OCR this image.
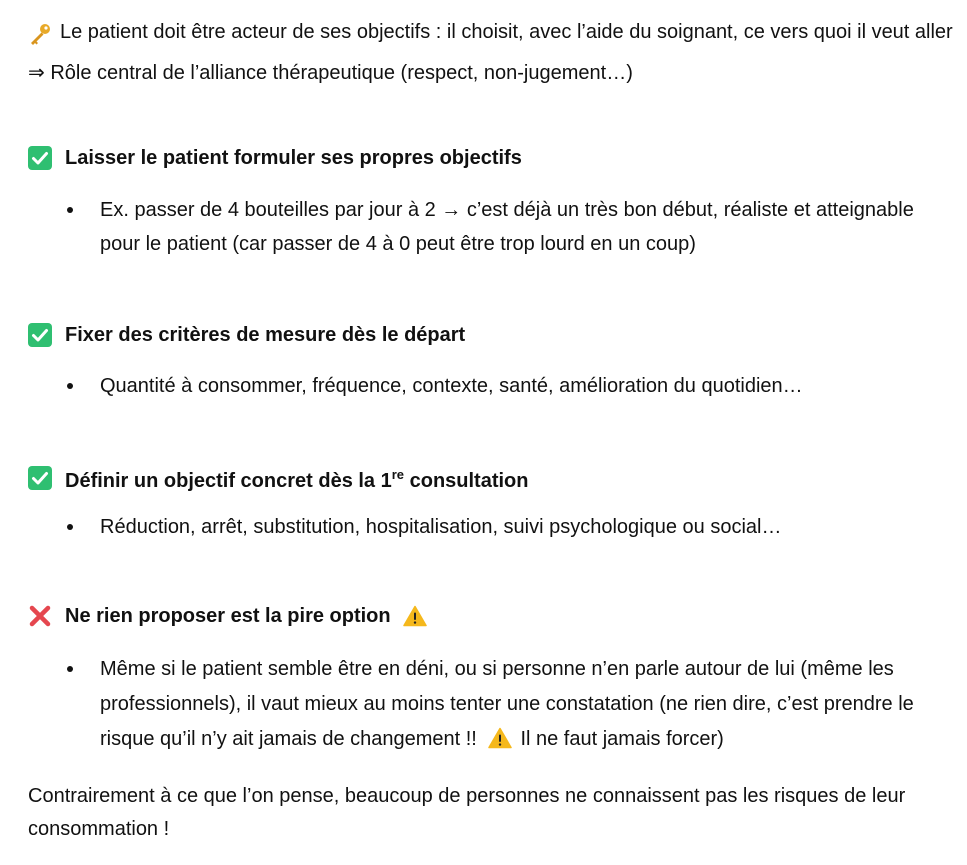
Le patient doit être acteur de ses objectifs : il choisit, avec l’aide du soignant, ce vers quoi il veut aller ⇒ Rôle central de l’alliance thérapeutique (respect, non-jugement…)

Laisser le patient formuler ses propres objectifs
Ex. passer de 4 bouteilles par jour à 2 → c’est déjà un très bon début, réaliste et atteignable pour le patient (car passer de 4 à 0 peut être trop lourd en un coup)
Fixer des critères de mesure dès le départ
Quantité à consommer, fréquence, contexte, santé, amélioration du quotidien…
Définir un objectif concret dès la 1re consultation
Réduction, arrêt, substitution, hospitalisation, suivi psychologique ou social…
Ne rien proposer est la pire option
Même si le patient semble être en déni, ou si personne n’en parle autour de lui (même les professionnels), il vaut mieux au moins tenter une constatation (ne rien dire, c’est prendre le risque qu’il n’y ait jamais de changement !! Il ne faut jamais forcer)
Contrairement à ce que l’on pense, beaucoup de personnes ne connaissent pas les risques de leur consommation !
